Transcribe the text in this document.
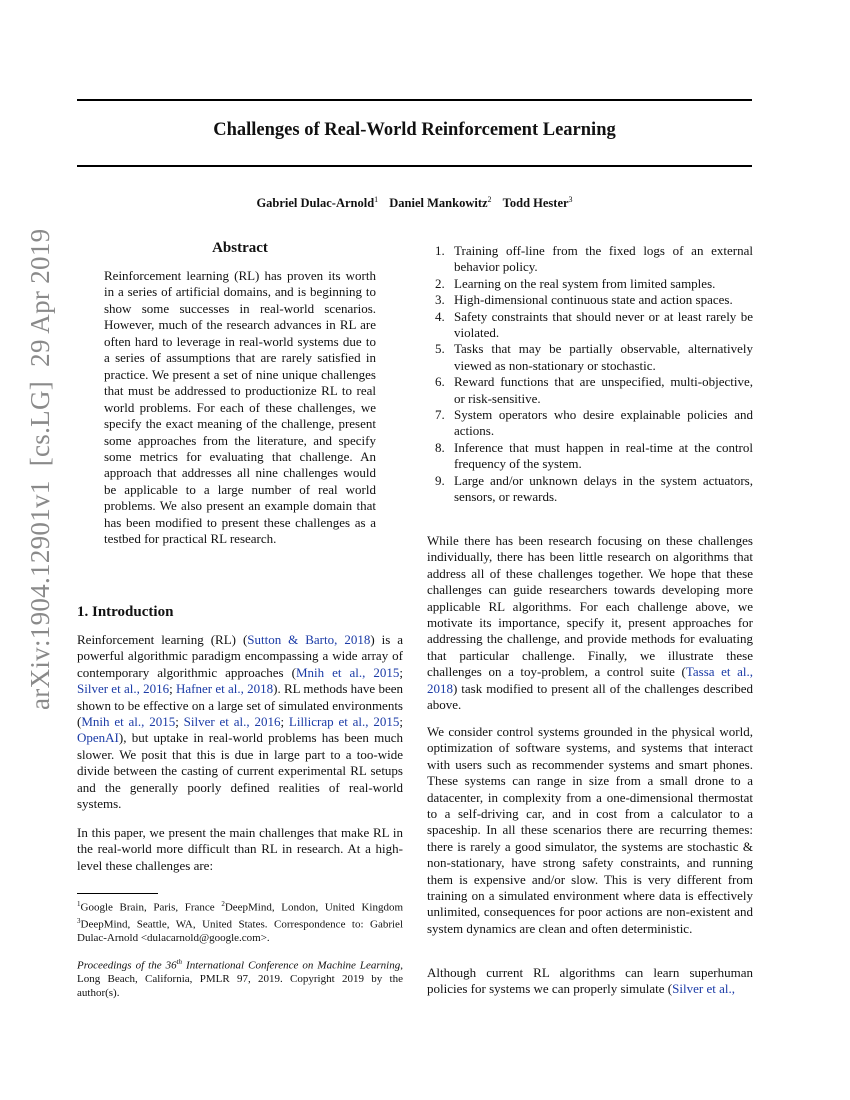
arXiv:1904.12901v1  [cs.LG]  29 Apr 2019
Challenges of Real-World Reinforcement Learning
Gabriel Dulac-Arnold$^1$ Daniel Mankowitz$^2$ Todd Hester$^3$
Abstract

Reinforcement learning (RL) has proven its worth in a series of artificial domains, and is beginning to show some successes in real-world scenarios. However, much of the research advances in RL are often hard to leverage in real-world systems due to a series of assumptions that are rarely satisfied in practice. We present a set of nine unique challenges that must be addressed to productionize RL to real world problems. For each of these challenges, we specify the exact meaning of the challenge, present some approaches from the literature, and specify some metrics for evaluating that challenge. An approach that addresses all nine challenges would be applicable to a large number of real world problems. We also present an example domain that has been modified to present these challenges as a testbed for practical RL research.

1. Introduction

Reinforcement learning (RL) (Sutton & Barto, 2018) is a powerful algorithmic paradigm encompassing a wide array of contemporary algorithmic approaches (Mnih et al., 2015; Silver et al., 2016; Hafner et al., 2018). RL methods have been shown to be effective on a large set of simulated environments (Mnih et al., 2015; Silver et al., 2016; Lillicrap et al., 2015; OpenAI), but uptake in real-world problems has been much slower. We posit that this is due in large part to a too-wide divide between the casting of current experimental RL setups and the generally poorly defined realities of real-world systems.

In this paper, we present the main challenges that make RL in the real-world more difficult than RL in research. At a high-level these challenges are:

$^1$Google Brain, Paris, France $^2$DeepMind, London, United Kingdom $^3$DeepMind, Seattle, WA, United States. Correspondence to: Gabriel Dulac-Arnold <dulacarnold@google.com>.

Proceedings of the 36th International Conference on Machine Learning, Long Beach, California, PMLR 97, 2019. Copyright 2019 by the author(s).

1. Training off-line from the fixed logs of an external behavior policy.
2. Learning on the real system from limited samples.
3. High-dimensional continuous state and action spaces.
4. Safety constraints that should never or at least rarely be violated.
5. Tasks that may be partially observable, alternatively viewed as non-stationary or stochastic.
6. Reward functions that are unspecified, multi-objective, or risk-sensitive.
7. System operators who desire explainable policies and actions.
8. Inference that must happen in real-time at the control frequency of the system.
9. Large and/or unknown delays in the system actuators, sensors, or rewards.

While there has been research focusing on these challenges individually, there has been little research on algorithms that address all of these challenges together. We hope that these challenges can guide researchers towards developing more applicable RL algorithms. For each challenge above, we motivate its importance, specify it, present approaches for addressing the challenge, and provide methods for evaluating that particular challenge. Finally, we illustrate these challenges on a toy-problem, a control suite (Tassa et al., 2018) task modified to present all of the challenges described above.

We consider control systems grounded in the physical world, optimization of software systems, and systems that interact with users such as recommender systems and smart phones. These systems can range in size from a small drone to a datacenter, in complexity from a one-dimensional thermostat to a self-driving car, and in cost from a calculator to a spaceship. In all these scenarios there are recurring themes: there is rarely a good simulator, the systems are stochastic & non-stationary, have strong safety constraints, and running them is expensive and/or slow. This is very different from training on a simulated environment where data is effectively unlimited, consequences for poor actions are non-existent and system dynamics are clean and often deterministic.

Although current RL algorithms can learn superhuman policies for systems we can properly simulate (Silver et al.,
